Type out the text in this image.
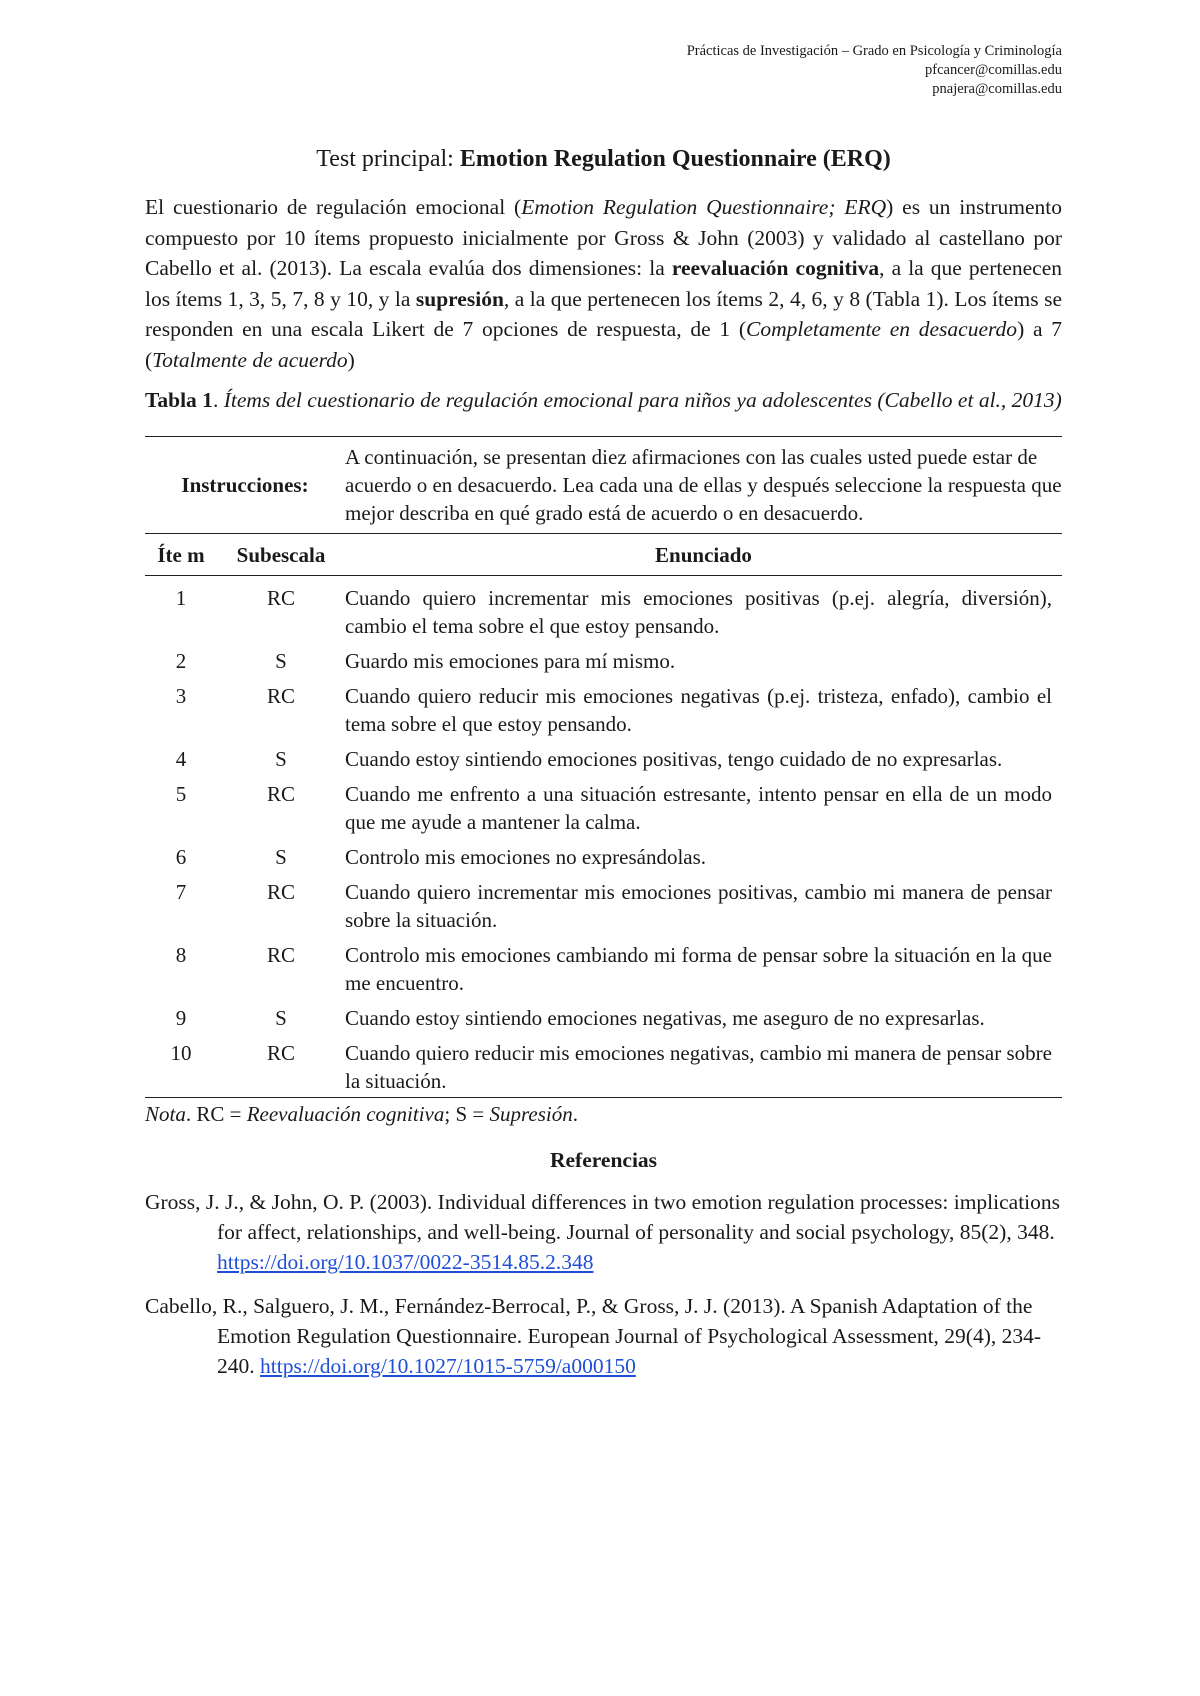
Prácticas de Investigación – Grado en Psicología y Criminología
pfcancer@comillas.edu
pnajera@comillas.edu
Test principal: Emotion Regulation Questionnaire (ERQ)

El cuestionario de regulación emocional (Emotion Regulation Questionnaire; ERQ) es un instrumento compuesto por 10 ítems propuesto inicialmente por Gross & John (2003) y validado al castellano por Cabello et al. (2013). La escala evalúa dos dimensiones: la reevaluación cognitiva, a la que pertenecen los ítems 1, 3, 5, 7, 8 y 10, y la supresión, a la que pertenecen los ítems 2, 4, 6, y 8 (Tabla 1). Los ítems se responden en una escala Likert de 7 opciones de respuesta, de 1 (Completamente en desacuerdo) a 7 (Totalmente de acuerdo)

Tabla 1. Ítems del cuestionario de regulación emocional para niños ya adolescentes (Cabello et al., 2013)

Instrucciones:		A continuación, se presentan diez afirmaciones con las cuales usted puede estar de acuerdo o en desacuerdo. Lea cada una de ellas y después seleccione la respuesta que mejor describa en qué grado está de acuerdo o en desacuerdo.
Íte m	Subescala	Enunciado
1	RC	Cuando quiero incrementar mis emociones positivas (p.ej. alegría, diversión), cambio el tema sobre el que estoy pensando.
2	S	Guardo mis emociones para mí mismo.
3	RC	Cuando quiero reducir mis emociones negativas (p.ej. tristeza, enfado), cambio el tema sobre el que estoy pensando.
4	S	Cuando estoy sintiendo emociones positivas, tengo cuidado de no expresarlas.
5	RC	Cuando me enfrento a una situación estresante, intento pensar en ella de un modo que me ayude a mantener la calma.
6	S	Controlo mis emociones no expresándolas.
7	RC	Cuando quiero incrementar mis emociones positivas, cambio mi manera de pensar sobre la situación.
8	RC	Controlo mis emociones cambiando mi forma de pensar sobre la situación en la que me encuentro.
9	S	Cuando estoy sintiendo emociones negativas, me aseguro de no expresarlas.
10	RC	Cuando quiero reducir mis emociones negativas, cambio mi manera de pensar sobre la situación.

Nota. RC = Reevaluación cognitiva; S = Supresión.

Referencias

Gross, J. J., & John, O. P. (2003). Individual differences in two emotion regulation processes: implications for affect, relationships, and well-being. Journal of personality and social psychology, 85(2), 348. https://doi.org/10.1037/0022-3514.85.2.348

Cabello, R., Salguero, J. M., Fernández-Berrocal, P., & Gross, J. J. (2013). A Spanish Adaptation of the Emotion Regulation Questionnaire. European Journal of Psychological Assessment, 29(4), 234-240. https://doi.org/10.1027/1015-5759/a000150
